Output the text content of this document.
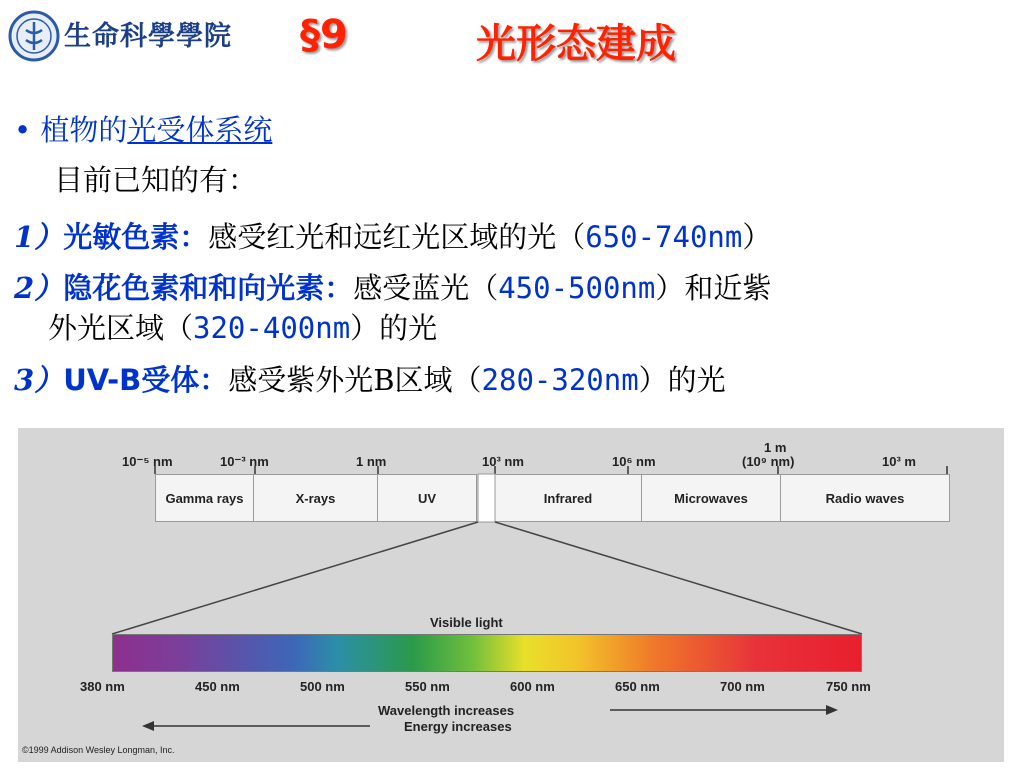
生命科學學院 §9	光形态建成
• 植物的光受体系统
目前已知的有：
1）光敏色素：感受红光和远红光区域的光（650-740nm）
2）隐花色素和和向光素：感受蓝光（450-500nm）和近紫
外光区域（320-400nm）的光
3）UV-B受体：感受紫外光B区域（280-320nm）的光
10⁻⁵ nm	10⁻³ nm	1 nm	10³ nm	10⁶ nm
1 m
(10⁹ nm)	10³ m
Gamma rays	X-rays	UV	Infrared	Microwaves	Radio waves
Visible light
380 nm	450 nm	500 nm	550 nm	600 nm	650 nm	700 nm	750 nm
Wavelength increases
Energy increases
©1999 Addison Wesley Longman, Inc.
